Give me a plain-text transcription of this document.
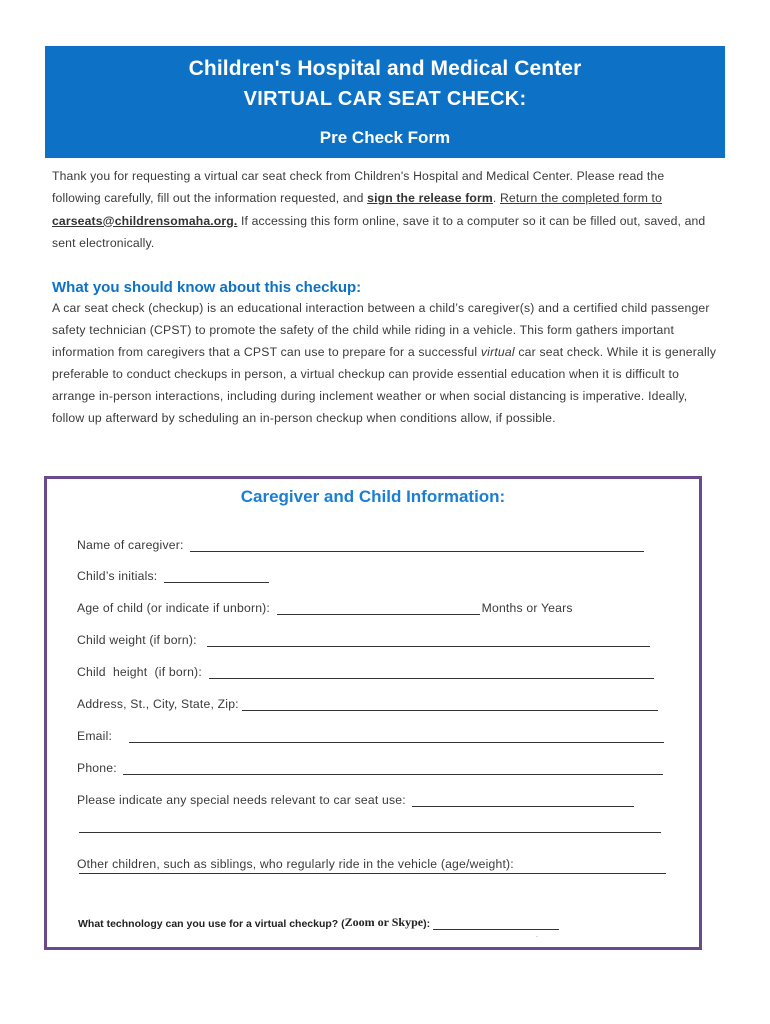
Children's Hospital and Medical Center
VIRTUAL CAR SEAT CHECK:
Pre Check Form
Thank you for requesting a virtual car seat check from Children's Hospital and Medical Center. Please read the following carefully, fill out the information requested, and sign the release form. Return the completed form to carseats@childrensomaha.org. If accessing this form online, save it to a computer so it can be filled out, saved, and sent electronically.
What you should know about this checkup:
A car seat check (checkup) is an educational interaction between a child’s caregiver(s) and a certified child passenger safety technician (CPST) to promote the safety of the child while riding in a vehicle. This form gathers important information from caregivers that a CPST can use to prepare for a successful virtual car seat check. While it is generally preferable to conduct checkups in person, a virtual checkup can provide essential education when it is difficult to arrange in-person interactions, including during inclement weather or when social distancing is imperative. Ideally, follow up afterward by scheduling an in-person checkup when conditions allow, if possible.
Caregiver and Child Information:
Name of caregiver:
Child’s initials:
Age of child (or indicate if unborn):	Months or Years
Child weight (if born):
Child  height  (if born):
Address, St., City, State, Zip:
Email:
Phone:
Please indicate any special needs relevant to car seat use:
Other children, such as siblings, who regularly ride in the vehicle (age/weight):
What technology can you use for a virtual checkup? ( Zoom or Skype ):
.
